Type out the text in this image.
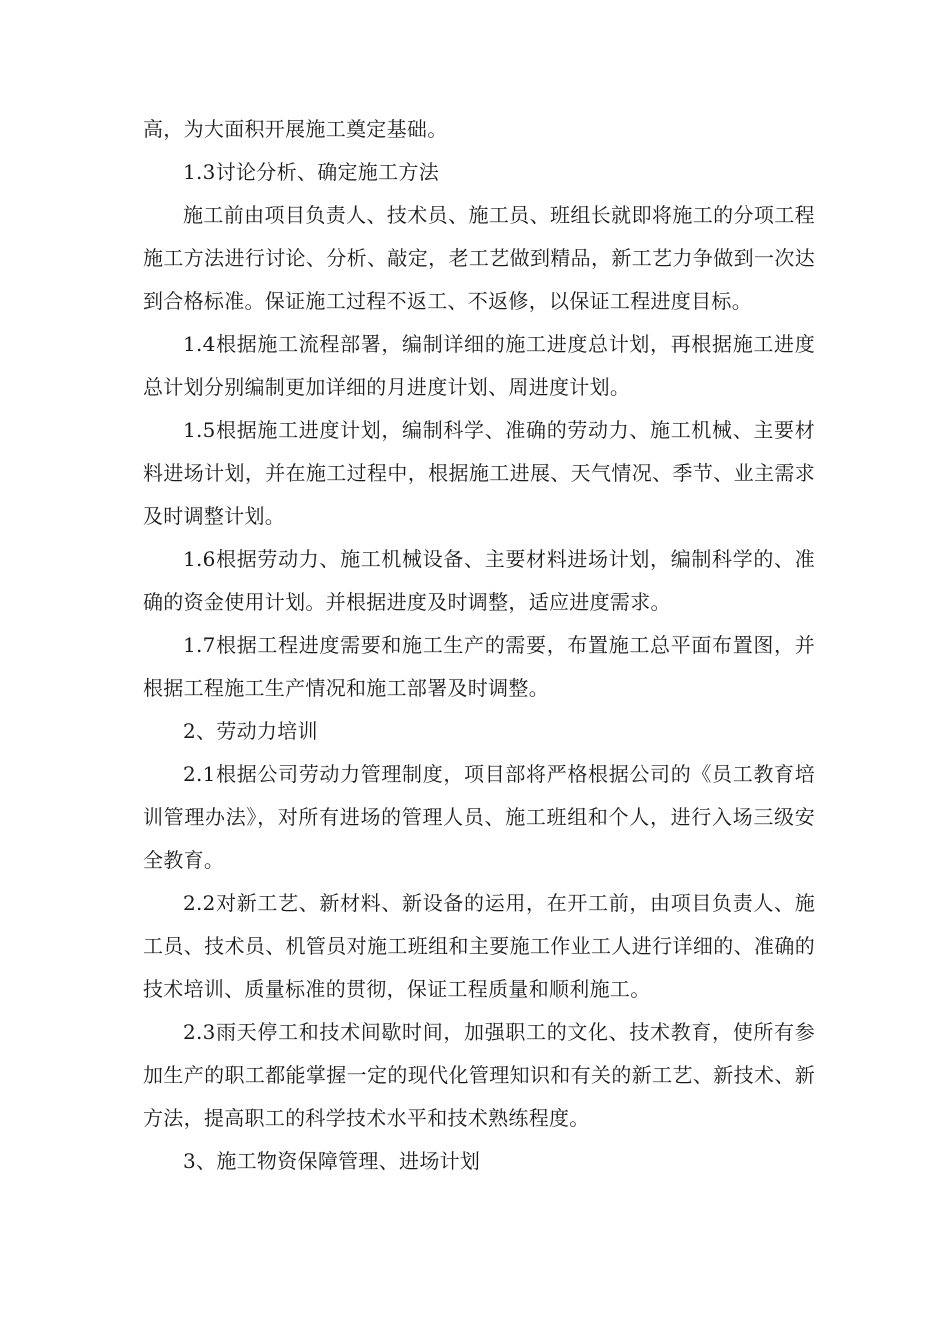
高，为大面积开展施工奠定基础。

1.3讨论分析、确定施工方法

施工前由项目负责人、技术员、施工员、班组长就即将施工的分项工程施工方法进行讨论、分析、敲定，老工艺做到精品，新工艺力争做到一次达到合格标准。保证施工过程不返工、不返修，以保证工程进度目标。

1.4根据施工流程部署，编制详细的施工进度总计划，再根据施工进度总计划分别编制更加详细的月进度计划、周进度计划。

1.5根据施工进度计划，编制科学、准确的劳动力、施工机械、主要材料进场计划，并在施工过程中，根据施工进展、天气情况、季节、业主需求及时调整计划。

1.6根据劳动力、施工机械设备、主要材料进场计划，编制科学的、准确的资金使用计划。并根据进度及时调整，适应进度需求。

1.7根据工程进度需要和施工生产的需要，布置施工总平面布置图，并根据工程施工生产情况和施工部署及时调整。

2、劳动力培训

2.1根据公司劳动力管理制度，项目部将严格根据公司的《员工教育培训管理办法》，对所有进场的管理人员、施工班组和个人，进行入场三级安全教育。

2.2对新工艺、新材料、新设备的运用，在开工前，由项目负责人、施工员、技术员、机管员对施工班组和主要施工作业工人进行详细的、准确的技术培训、质量标准的贯彻，保证工程质量和顺利施工。

2.3雨天停工和技术间歇时间，加强职工的文化、技术教育，使所有参加生产的职工都能掌握一定的现代化管理知识和有关的新工艺、新技术、新方法，提高职工的科学技术水平和技术熟练程度。

3、施工物资保障管理、进场计划
